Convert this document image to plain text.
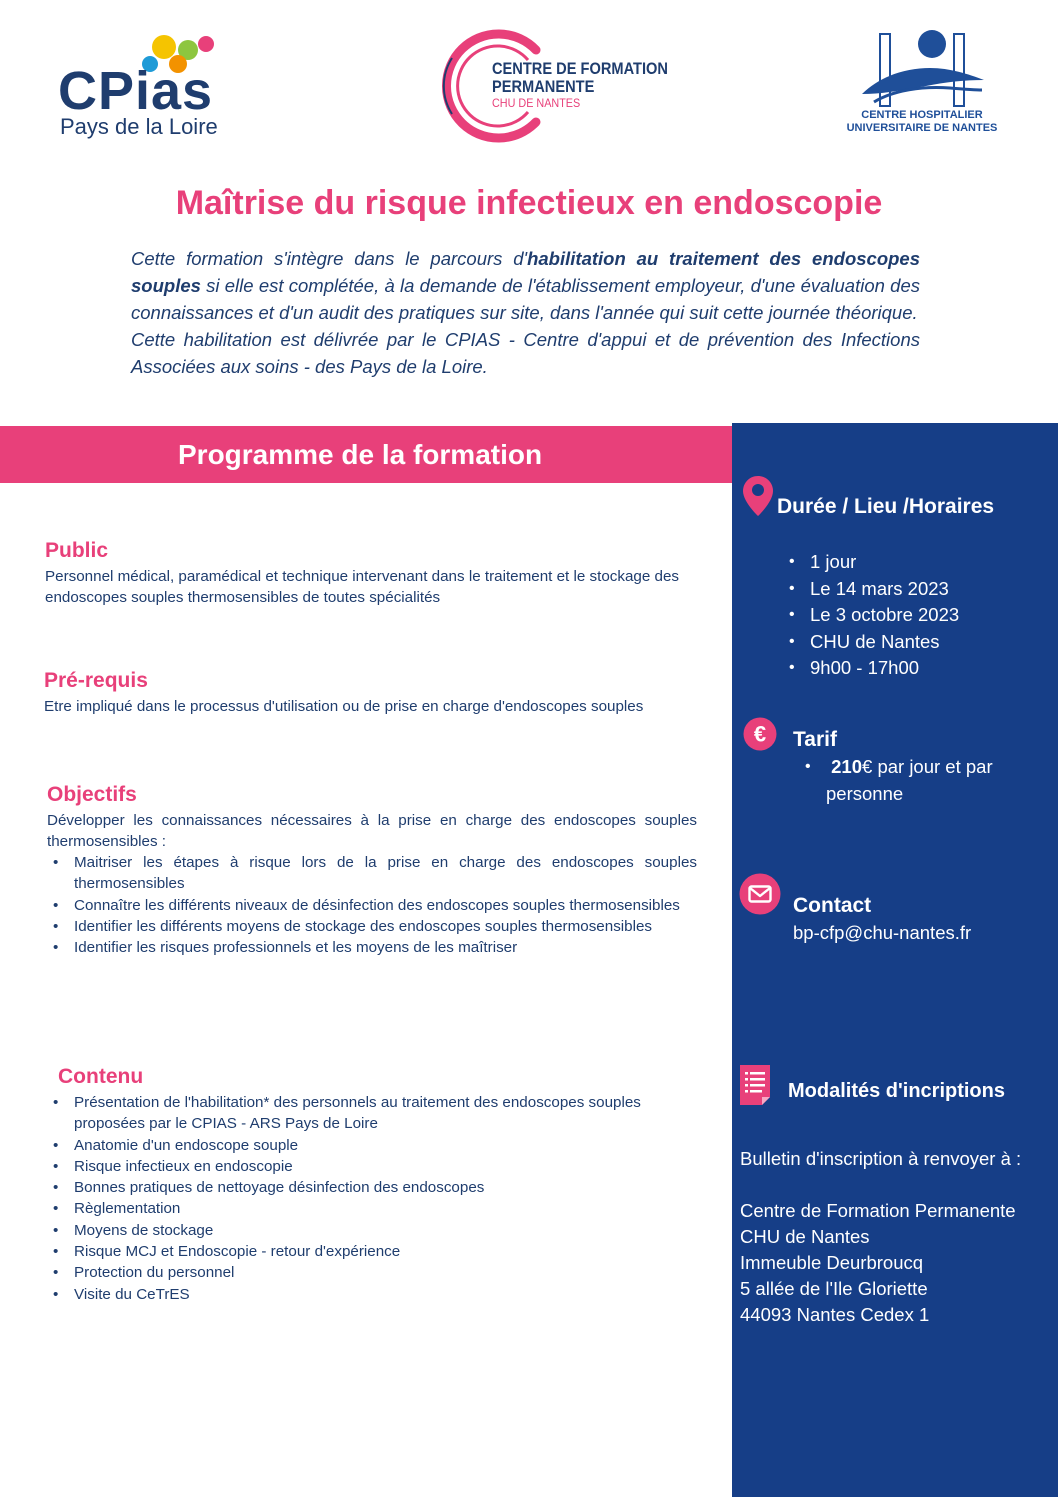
CPias
Pays de la Loire
CENTRE DE FORMATION
PERMANENTE
CHU DE NANTES
CENTRE HOSPITALIER
UNIVERSITAIRE DE NANTES
Maîtrise du risque infectieux en endoscopie

Cette formation s'intègre dans le parcours d'habilitation au traitement des endoscopes souples si elle est complétée, à la demande de l'établissement employeur, d'une évaluation des connaissances et d'un audit des pratiques sur site, dans l'année qui suit cette journée théorique.

Cette habilitation est délivrée par le CPIAS - Centre d'appui et de prévention des Infections Associées aux soins - des Pays de la Loire.

Programme de la formation
Public
Personnel médical, paramédical et technique intervenant dans le traitement et le stockage des endoscopes souples thermosensibles de toutes spécialités
Pré-requis
Etre impliqué dans le processus d'utilisation ou de prise en charge d'endoscopes souples
Objectifs
Développer les connaissances nécessaires à la prise en charge des endoscopes souples thermosensibles :
• Maitriser les étapes à risque lors de la prise en charge des endoscopes souples thermosensibles
• Connaître les différents niveaux de désinfection des endoscopes souples thermosensibles
• Identifier les différents moyens de stockage des endoscopes souples thermosensibles
• Identifier les risques professionnels et les moyens de les maîtriser
Contenu
• Présentation de l'habilitation* des personnels au traitement des endoscopes souples proposées par le CPIAS - ARS Pays de Loire
• Anatomie d'un endoscope souple
• Risque infectieux en endoscopie
• Bonnes pratiques de nettoyage désinfection des endoscopes
• Règlementation
• Moyens de stockage
• Risque MCJ et Endoscopie - retour d'expérience
• Protection du personnel
• Visite du CeTrES
Durée / Lieu /Horaires
• 1 jour
• Le 14 mars 2023
• Le 3 octobre 2023
• CHU de Nantes
• 9h00 - 17h00
€ Tarif
• 210€ par jour et par
personne
Contact
bp-cfp@chu-nantes.fr
Modalités d'incriptions
Bulletin d'inscription à renvoyer à :
Centre de Formation Permanente
CHU de Nantes
Immeuble Deurbroucq
5 allée de l'Ile Gloriette
44093 Nantes Cedex 1
